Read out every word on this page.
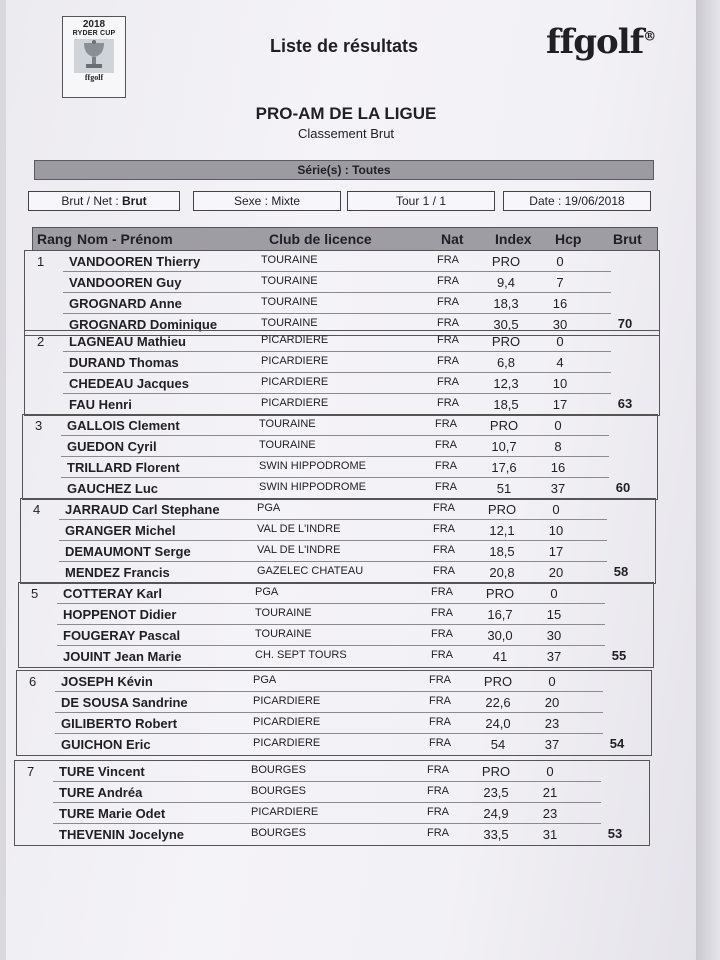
2018
RYDER CUP
ffgolf
Liste de résultats	ffgolf®
PRO-AM DE LA LIGUE
Classement Brut
Série(s) : Toutes
Brut / Net : Brut	Sexe : Mixte	Tour 1 / 1	Date : 19/06/2018
Rang Nom - Prénom	Club de licence	Nat Index Hcp Brut
1 VANDOOREN Thierry	TOURAINE	FRA	PRO	0
VANDOOREN Guy	TOURAINE	FRA	9,4	7
GROGNARD Anne	TOURAINE	FRA	18,3	16
GROGNARD Dominique	TOURAINE	FRA	30,5	30	70
2 LAGNEAU Mathieu	PICARDIERE	FRA	PRO	0
DURAND Thomas	PICARDIERE	FRA	6,8	4
CHEDEAU Jacques	PICARDIERE	FRA	12,3	10
FAU Henri	PICARDIERE	FRA	18,5	17	63
3 GALLOIS Clement	TOURAINE	FRA	PRO	0
GUEDON Cyril	TOURAINE	FRA	10,7	8
TRILLARD Florent	SWIN HIPPODROME	FRA	17,6	16
GAUCHEZ Luc	SWIN HIPPODROME	FRA	51	37	60
4 JARRAUD Carl Stephane	PGA	FRA	PRO	0
GRANGER Michel	VAL DE L'INDRE	FRA	12,1	10
DEMAUMONT Serge	VAL DE L'INDRE	FRA	18,5	17
MENDEZ Francis	GAZELEC CHATEAU	FRA	20,8	20	58
5 COTTERAY Karl	PGA	FRA	PRO	0
HOPPENOT Didier	TOURAINE	FRA	16,7	15
FOUGERAY Pascal	TOURAINE	FRA	30,0	30
JOUINT Jean Marie	CH. SEPT TOURS	FRA	41	37	55
6 JOSEPH Kévin	PGA	FRA	PRO	0
DE SOUSA Sandrine	PICARDIERE	FRA	22,6	20
GILIBERTO Robert	PICARDIERE	FRA	24,0	23
GUICHON Eric	PICARDIERE	FRA	54	37	54
7 TURE Vincent	BOURGES	FRA	PRO	0
TURE Andréa	BOURGES	FRA	23,5	21
TURE Marie Odet	PICARDIERE	FRA	24,9	23
THEVENIN Jocelyne	BOURGES	FRA	33,5	31	53
